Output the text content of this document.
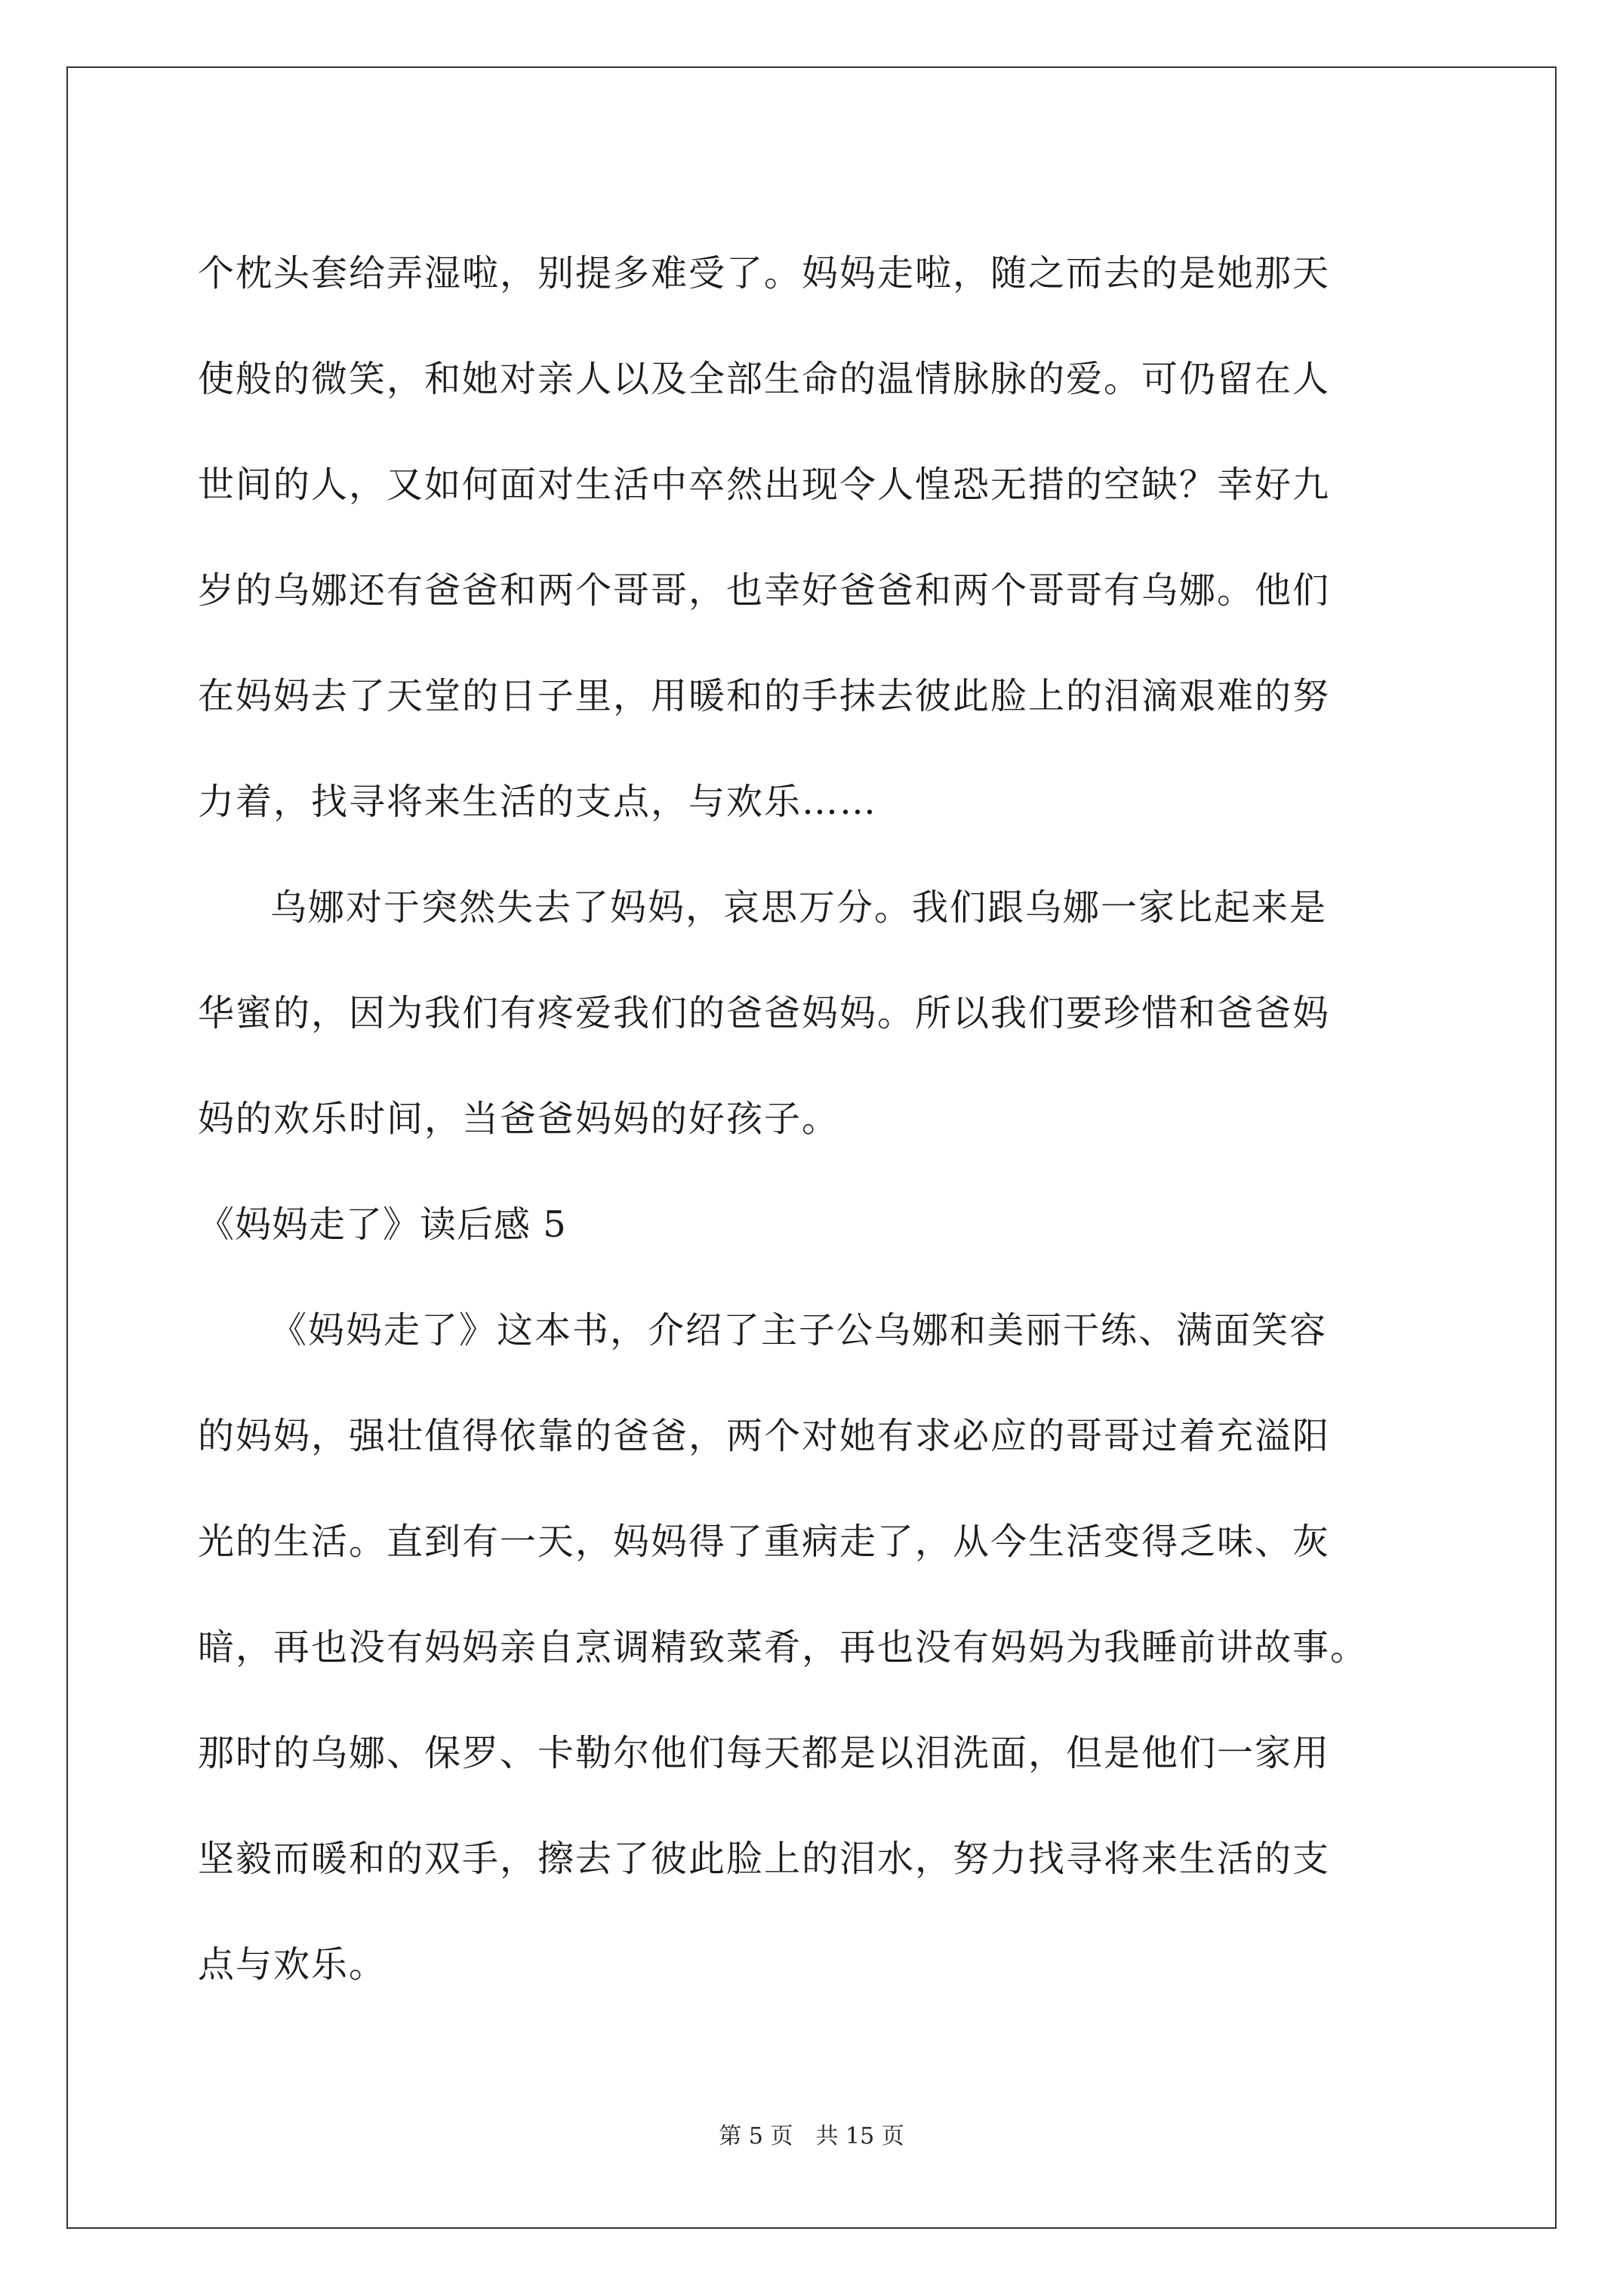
个枕头套给弄湿啦，别提多难受了。妈妈走啦，随之而去的是她那天
使般的微笑，和她对亲人以及全部生命的温情脉脉的爱。可仍留在人
世间的人，又如何面对生活中卒然出现令人惶恐无措的空缺？幸好九
岁的乌娜还有爸爸和两个哥哥，也幸好爸爸和两个哥哥有乌娜。他们
在妈妈去了天堂的日子里，用暖和的手抹去彼此脸上的泪滴艰难的努
力着，找寻将来生活的支点，与欢乐……
乌娜对于突然失去了妈妈，哀思万分。我们跟乌娜一家比起来是
华蜜的，因为我们有疼爱我们的爸爸妈妈。所以我们要珍惜和爸爸妈
妈的欢乐时间，当爸爸妈妈的好孩子。
《妈妈走了》读后感 5
《妈妈走了》这本书，介绍了主子公乌娜和美丽干练、满面笑容
的妈妈，强壮值得依靠的爸爸，两个对她有求必应的哥哥过着充溢阳
光的生活。直到有一天，妈妈得了重病走了，从今生活变得乏味、灰
暗，再也没有妈妈亲自烹调精致菜肴，再也没有妈妈为我睡前讲故事。
那时的乌娜、保罗、卡勒尔他们每天都是以泪洗面，但是他们一家用
坚毅而暖和的双手，擦去了彼此脸上的泪水，努力找寻将来生活的支
点与欢乐。
第 5 页　共 15 页
